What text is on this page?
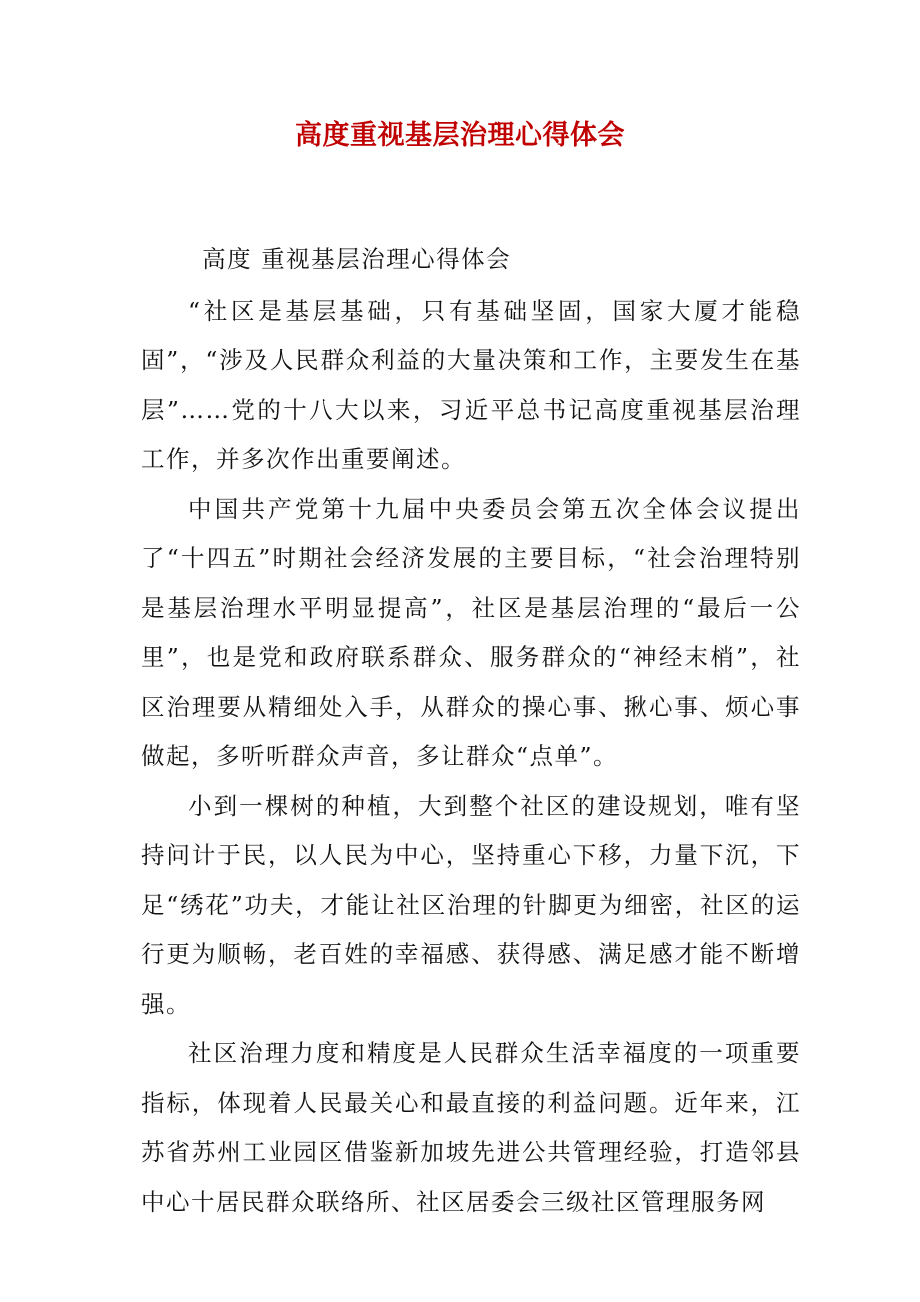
高度重视基层治理心得体会

高度 重视基层治理心得体会

“社区是基层基础，只有基础坚固，国家大厦才能稳固”，“涉及人民群众利益的大量决策和工作，主要发生在基层”……党的十八大以来，习近平总书记高度重视基层治理工作，并多次作出重要阐述。

中国共产党第十九届中央委员会第五次全体会议提出了“十四五”时期社会经济发展的主要目标，“社会治理特别是基层治理水平明显提高”，社区是基层治理的“最后一公里”，也是党和政府联系群众、服务群众的“神经末梢”，社区治理要从精细处入手，从群众的操心事、揪心事、烦心事做起，多听听群众声音，多让群众“点单”。

小到一棵树的种植，大到整个社区的建设规划，唯有坚持问计于民，以人民为中心，坚持重心下移，力量下沉，下足“绣花”功夫，才能让社区治理的针脚更为细密，社区的运行更为顺畅，老百姓的幸福感、获得感、满足感才能不断增强。

社区治理力度和精度是人民群众生活幸福度的一项重要指标，体现着人民最关心和最直接的利益问题。近年来，江苏省苏州工业园区借鉴新加坡先进公共管理经验，打造邻县中心十居民群众联络所、社区居委会三级社区管理服务网
